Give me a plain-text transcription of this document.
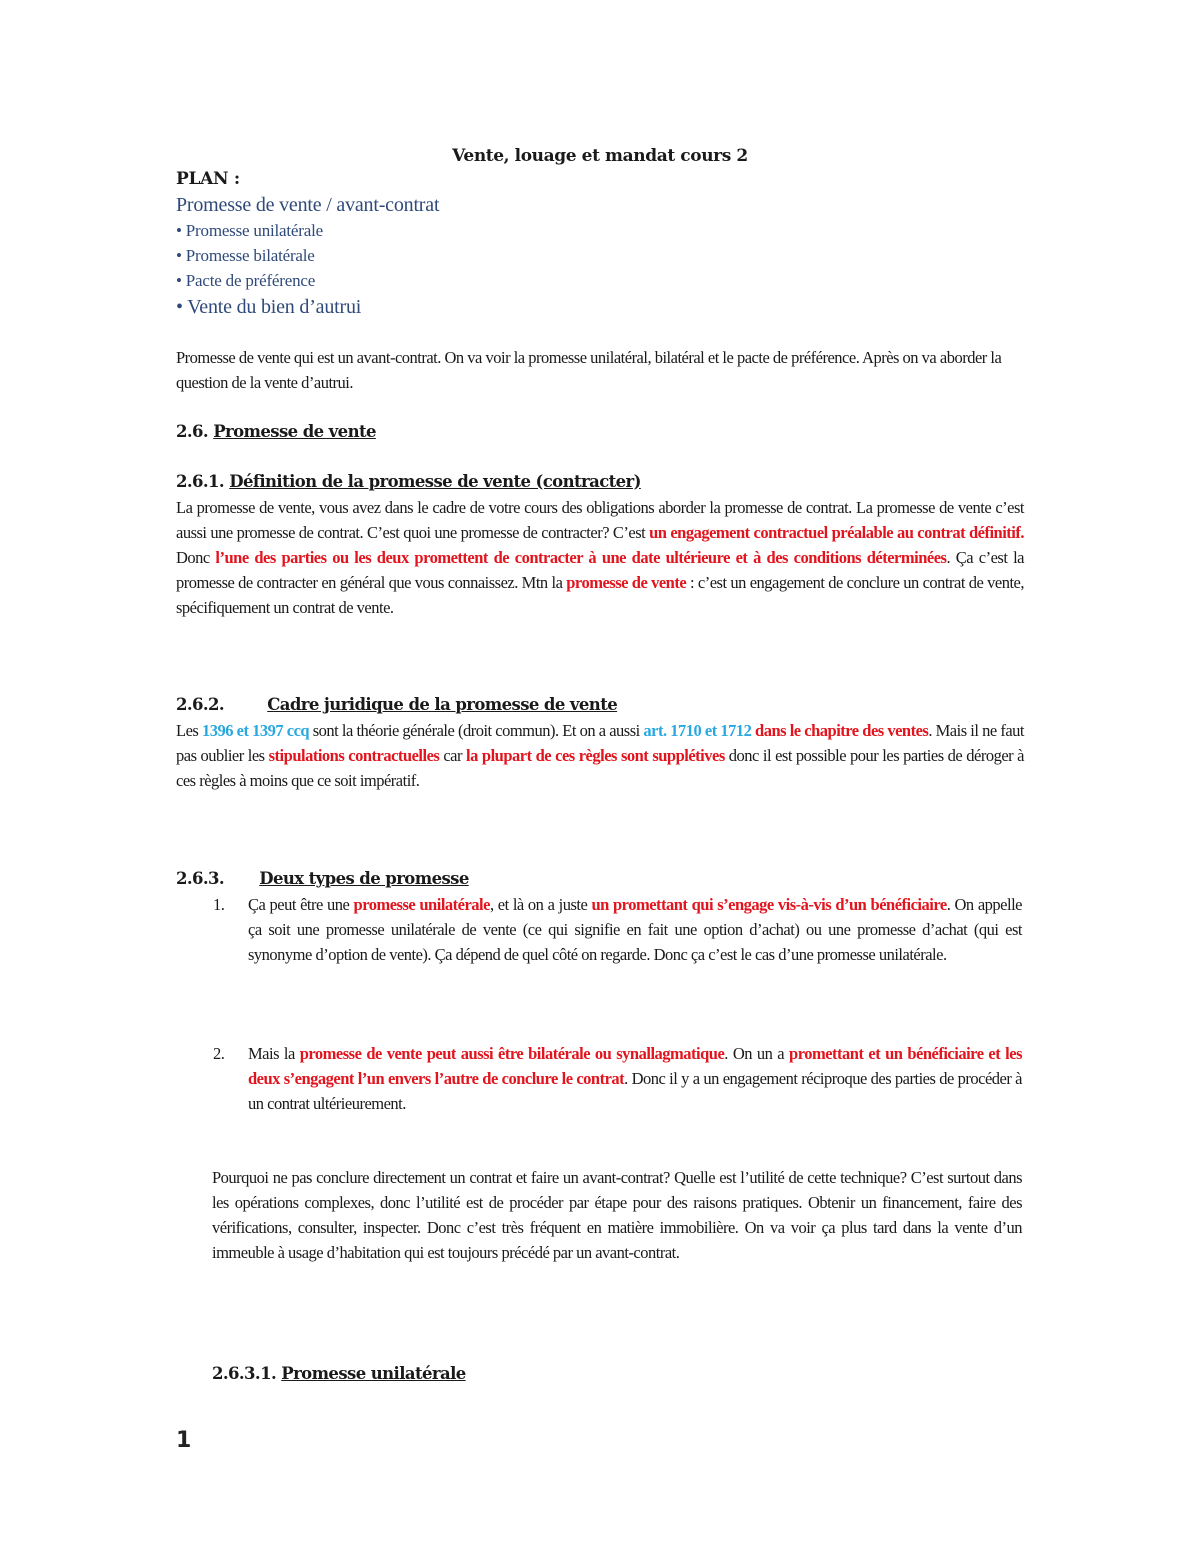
Vente, louage et mandat cours 2

PLAN :

Promesse de vente / avant-contrat

• Promesse unilatérale

• Promesse bilatérale

• Pacte de préférence

• Vente du bien d’autrui

Promesse de vente qui est un avant-contrat. On va voir la promesse unilatéral, bilatéral et le pacte de préférence. Après on va aborder la question de la vente d’autrui.

2.6. Promesse de vente

2.6.1. Définition de la promesse de vente (contracter)

La promesse de vente, vous avez dans le cadre de votre cours des obligations aborder la promesse de contrat. La promesse de vente c’est aussi une promesse de contrat. C’est quoi une promesse de contracter? C’est un engagement contractuel préalable au contrat définitif. Donc l’une des parties ou les deux promettent de contracter à une date ultérieure et à des conditions déterminées. Ça c’est la promesse de contracter en général que vous connaissez. Mtn la promesse de vente : c’est un engagement de conclure un contrat de vente, spécifiquement un contrat de vente.

2.6.2.	Cadre juridique de la promesse de vente

Les 1396 et 1397 ccq sont la théorie générale (droit commun). Et on a aussi art. 1710 et 1712 dans le chapitre des ventes. Mais il ne faut pas oublier les stipulations contractuelles car la plupart de ces règles sont supplétives donc il est possible pour les parties de déroger à ces règles à moins que ce soit impératif.

2.6.3. Deux types de promesse

1. Ça peut être une promesse unilatérale, et là on a juste un promettant qui s’engage vis-à-vis d’un bénéficiaire. On appelle ça soit une promesse unilatérale de vente (ce qui signifie en fait une option d’achat) ou une promesse d’achat (qui est synonyme d’option de vente). Ça dépend de quel côté on regarde. Donc ça c’est le cas d’une promesse unilatérale.

2. Mais la promesse de vente peut aussi être bilatérale ou synallagmatique. On un a promettant et un bénéficiaire et les deux s’engagent l’un envers l’autre de conclure le contrat. Donc il y a un engagement réciproque des parties de procéder à un contrat ultérieurement.

Pourquoi ne pas conclure directement un contrat et faire un avant-contrat? Quelle est l’utilité de cette technique? C’est surtout dans les opérations complexes, donc l’utilité est de procéder par étape pour des raisons pratiques. Obtenir un financement, faire des vérifications, consulter, inspecter. Donc c’est très fréquent en matière immobilière. On va voir ça plus tard dans la vente d’un immeuble à usage d’habitation qui est toujours précédé par un avant-contrat.

2.6.3.1. Promesse unilatérale

1
